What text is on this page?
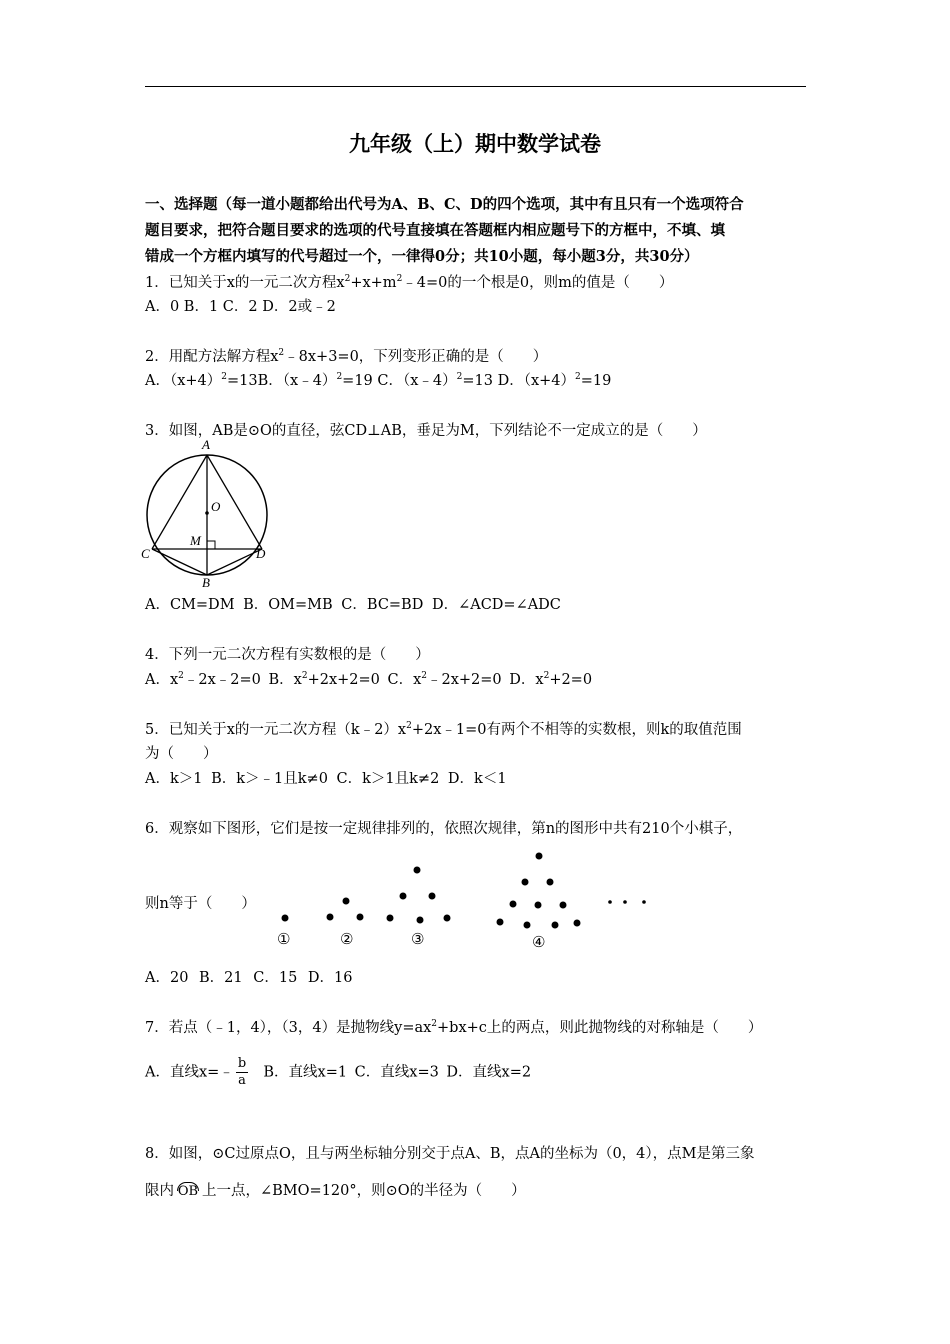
九年级（上）期中数学试卷
一、选择题（每一道小题都给出代号为A、B、C、D的四个选项，其中有且只有一个选项符合
题目要求，把符合题目要求的选项的代号直接填在答题框内相应题号下的方框中，不填、填
错成一个方框内填写的代号超过一个，一律得0分；共10小题，每小题3分，共30分）
1．已知关于x的一元二次方程$x^2+x+m^2﹣4=0$的一个根是0，则m的值是（　　）
A．0 B．1 C．2 D．2或﹣2
2．用配方法解方程$x^2﹣8x+3=0$，下列变形正确的是（　　）
A．$(x+4)^2=13B$．（x﹣4）$^2$=19 C．（x﹣4）$^2$=13 D．$(x+4)^2=19$
3．如图，AB是⊙O的直径，弦CD⊥AB，垂足为M，下列结论不一定成立的是（　　）
A
O
M
C	D
B
A．CM=DM B．OM=MB C．BC=BD D．∠ACD=∠ADC
4．下列一元二次方程有实数根的是（　　）
A．$x^2﹣2x﹣2=0$ B．$x^2+2x+2=0$ C．$x^2﹣2x+2=0$ D．$x^2+2=0$
5．已知关于x的一元二次方程$(k﹣2)x^2+2x﹣1=0$有两个不相等的实数根，则k的取值范围
为（　　）
A．k＞1 B．k＞﹣1且k≠0 C．k＞1且k≠2 D．k＜1
6．观察如下图形，它们是按一定规律排列的，依照次规律，第n的图形中共有210个小棋子，
则n等于（　　）
①	②	③	④
A．20 B．21 C．15 D．16
7．若点（﹣1，4），（3，4）是抛物线$y=ax^2+bx+c$上的两点，则此抛物线的对称轴是（　　）
A．直线x=﹣ $\frac{b}{a}$ B．直线x=1 C．直线x=3 D．直线x=2
8．如图，⊙C过原点O，且与两坐标轴分别交于点A、B，点A的坐标为（0，4），点M是第三象
限内 OB 上一点，∠BMO=120°，则⊙O的半径为（　　）
